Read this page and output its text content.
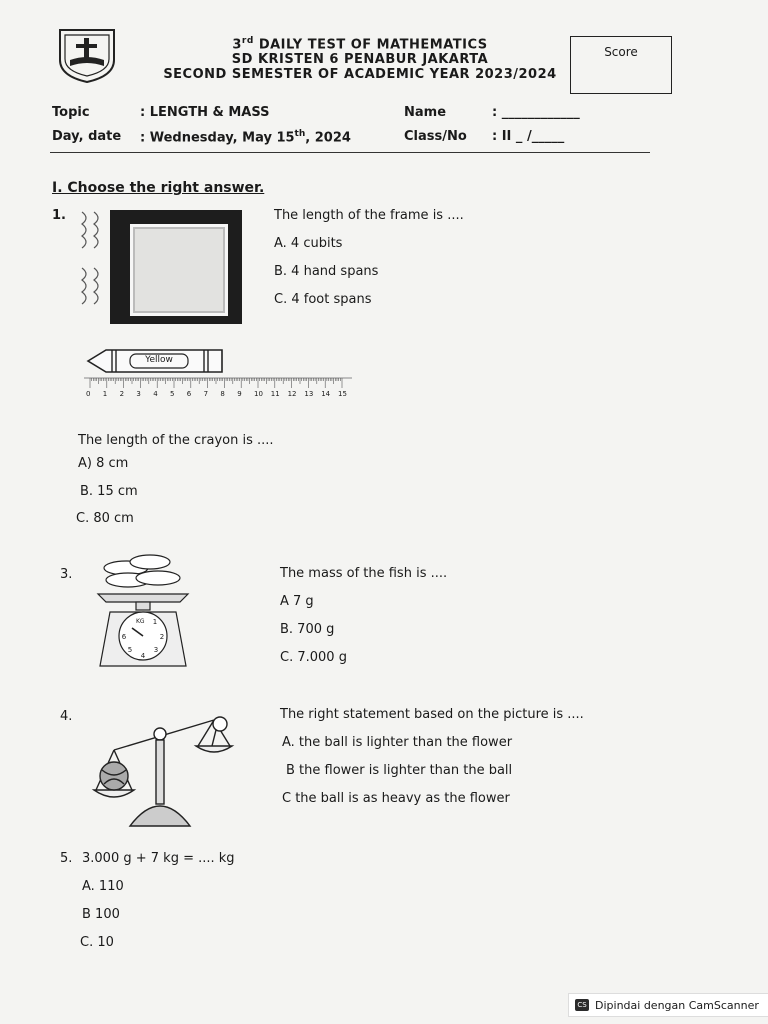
3rd DAILY TEST OF MATHEMATICS
SD KRISTEN 6 PENABUR JAKARTA
SECOND SEMESTER OF ACADEMIC YEAR 2023/2024
Score
Topic	: LENGTH & MASS	Name	: ____________
Day, date : Wednesday, May 15th, 2024	Class/No : II _ /_____
I. Choose the right answer.
1.	The length of the frame is ....
A. 4 cubits
B. 4 hand spans
C. 4 foot spans
Yellow
0 1 2 3 4 5 6 7 8 9 10 11 12 13 14 15
The length of the crayon is ....
A) 8 cm
B. 15 cm
C. 80 cm
3.
6	2
4
5	3
1
KG
The mass of the fish is ....
A 7 g
B. 700 g
C. 7.000 g
4.	The right statement based on the picture is ....
A. the ball is lighter than the flower
B the flower is lighter than the ball
C the ball is as heavy as the flower
5. 3.000 g + 7 kg = .... kg
A. 110
B 100
C. 10
CS Dipindai dengan CamScanner
